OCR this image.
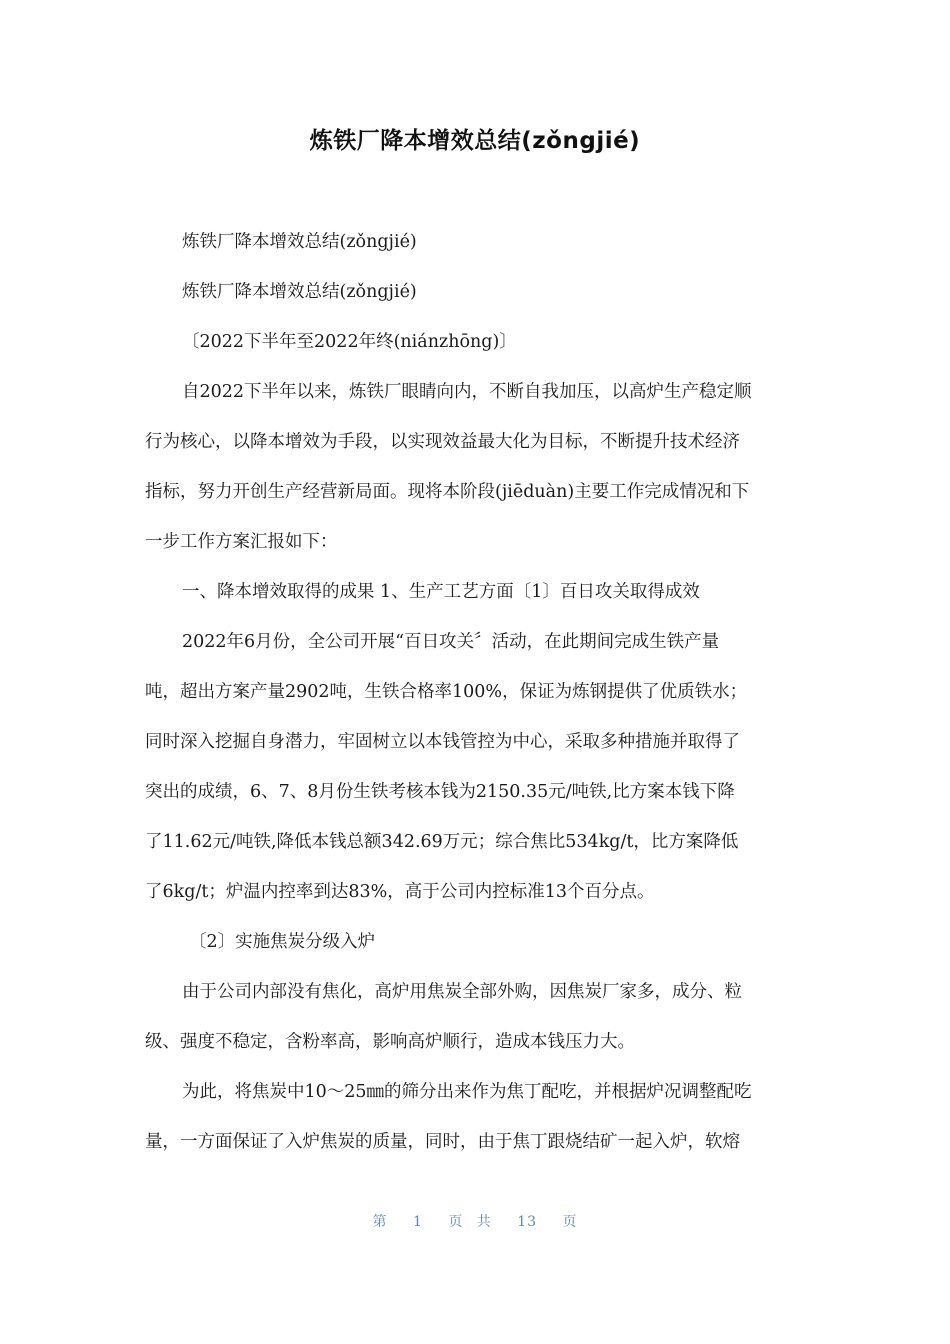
炼铁厂降本增效总结(zǒngjié)
炼铁厂降本增效总结(zǒngjié)
炼铁厂降本增效总结(zǒngjié)
〔2022下半年至2022年终(niánzhōng)〕
自2022下半年以来，炼铁厂眼睛向内，不断自我加压，以高炉生产稳定顺
行为核心，以降本增效为手段，以实现效益最大化为目标，不断提升技术经济
指标，努力开创生产经营新局面。现将本阶段(jiēduàn)主要工作完成情况和下
一步工作方案汇报如下：
一、降本增效取得的成果 1、生产工艺方面〔1〕百日攻关取得成效
2022年6月份，全公司开展“百日攻关〞活动，在此期间完成生铁产量
吨，超出方案产量2902吨，生铁合格率100%，保证为炼钢提供了优质铁水；
同时深入挖掘自身潜力，牢固树立以本钱管控为中心，采取多种措施并取得了
突出的成绩，6、7、8月份生铁考核本钱为2150.35元/吨铁,比方案本钱下降
了11.62元/吨铁,降低本钱总额342.69万元；综合焦比534kg/t，比方案降低
了6kg/t；炉温内控率到达83%，高于公司内控标准13个百分点。
〔2〕实施焦炭分级入炉
由于公司内部没有焦化，高炉用焦炭全部外购，因焦炭厂家多，成分、粒
级、强度不稳定，含粉率高，影响高炉顺行，造成本钱压力大。
为此，将焦炭中10～25㎜的筛分出来作为焦丁配吃，并根据炉况调整配吃
量，一方面保证了入炉焦炭的质量，同时，由于焦丁跟烧结矿一起入炉，软熔
第 1 页 共 13 页
